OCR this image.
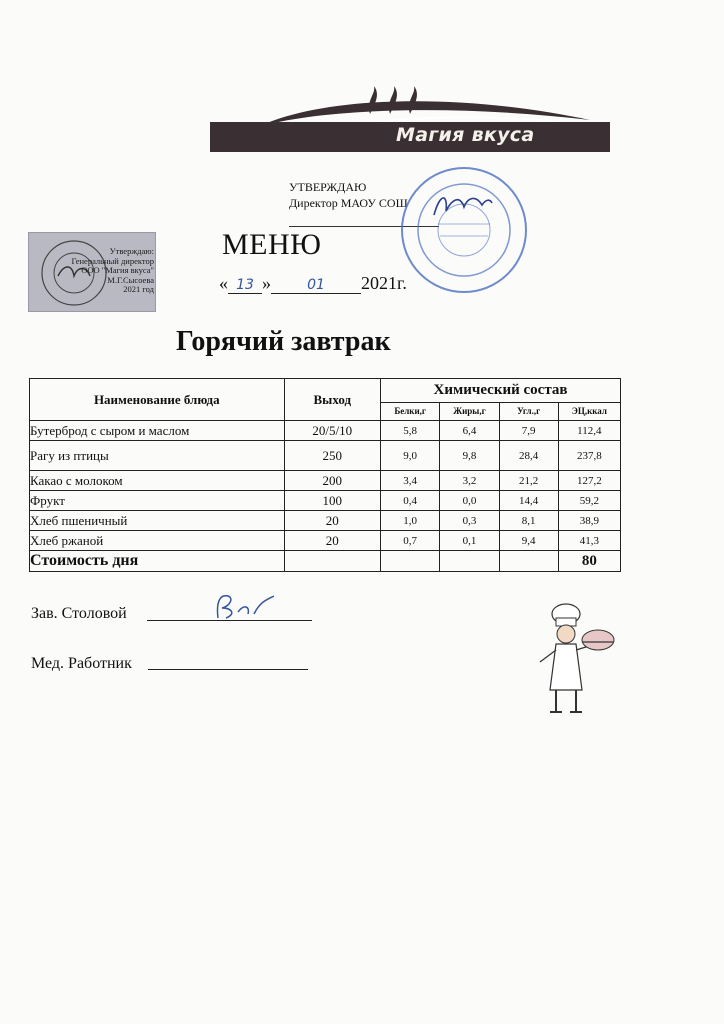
Магия вкуса
УТВЕРЖДАЮ
Директор МАОУ СОШ
Утверждаю:
Генеральный директор
ООО "Магия вкуса"
М.Г.Сысоева
2021 год
МЕНЮ
« 13 »	01 2021г.
Горячий завтрак
Наименование блюда	Выход	Химический состав			
		Белки,г	Жиры,г	Угл.,г	ЭЦ,ккал
Бутерброд с сыром и маслом	20/5/10	5,8	6,4	7,9	112,4
Рагу из птицы	250	9,0	9,8	28,4	237,8
Какао с молоком	200	3,4	3,2	21,2	127,2
Фрукт	100	0,4	0,0	14,4	59,2
Хлеб пшеничный	20	1,0	0,3	8,1	38,9
Хлеб ржаной	20	0,7	0,1	9,4	41,3
Стоимость дня					80
Зав. Столовой
Мед. Работник
